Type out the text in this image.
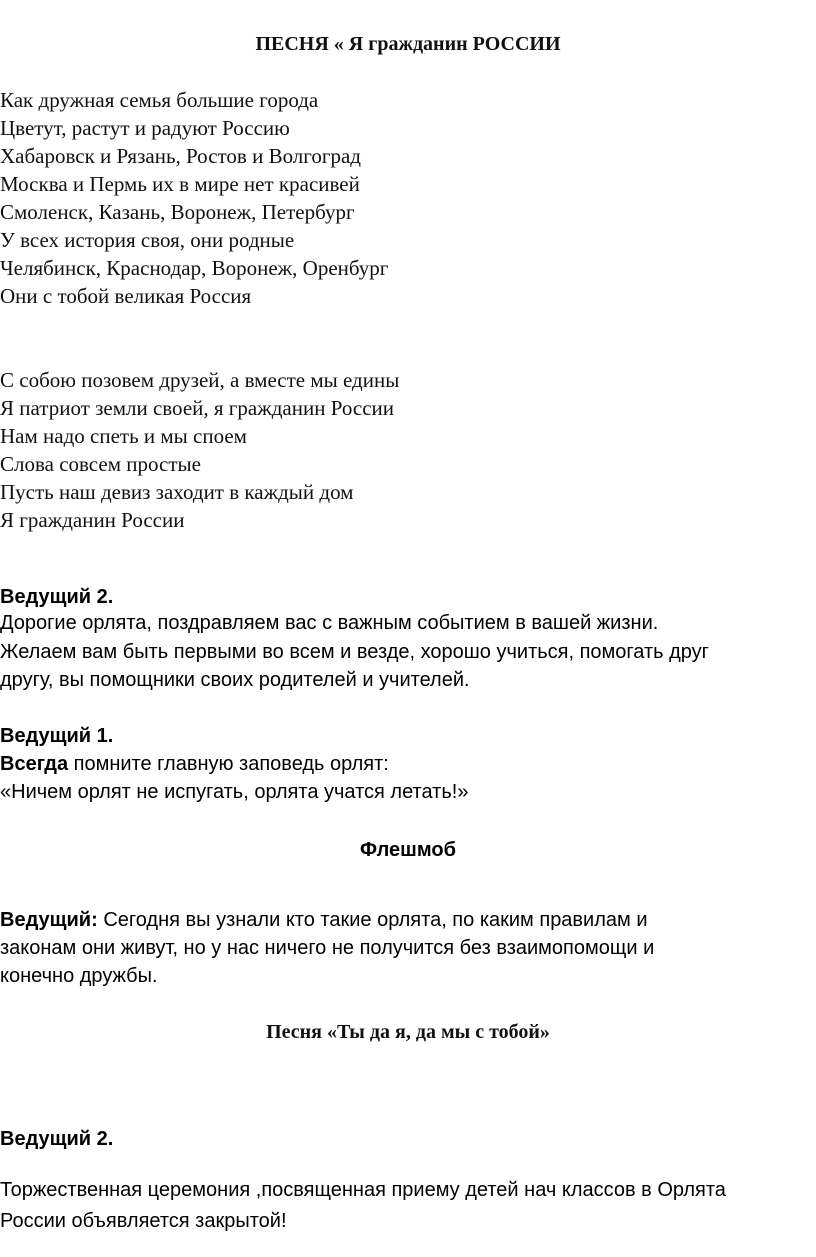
ПЕСНЯ « Я гражданин РОССИИ
Как дружная семья большие города
Цветут, растут и радуют Россию
Хабаровск и Рязань, Ростов и Волгоград
Москва и Пермь их в мире нет красивей
Смоленск, Казань, Воронеж, Петербург
У всех история своя, они родные
Челябинск, Краснодар, Воронеж, Оренбург
Они с тобой великая Россия
С собою позовем друзей, а вместе мы едины
Я патриот земли своей, я гражданин России
Нам надо спеть и мы споем
Слова совсем простые
Пусть наш девиз заходит в каждый дом
Я гражданин России
Ведущий 2.
Дорогие орлята, поздравляем вас с важным событием в вашей жизни.
Желаем вам быть первыми во всем и везде, хорошо учиться, помогать друг
другу, вы помощники своих родителей и учителей.
Ведущий 1.
Всегда помните главную заповедь орлят:
«Ничем орлят не испугать, орлята учатся летать!»
Флешмоб
Ведущий: Сегодня вы узнали кто такие орлята, по каким правилам и
законам они живут, но у нас ничего не получится без взаимопомощи и
конечно дружбы.
Песня «Ты да я, да мы с тобой»
Ведущий 2.
Торжественная церемония ,посвященная приему детей нач классов в Орлята
России объявляется закрытой!
